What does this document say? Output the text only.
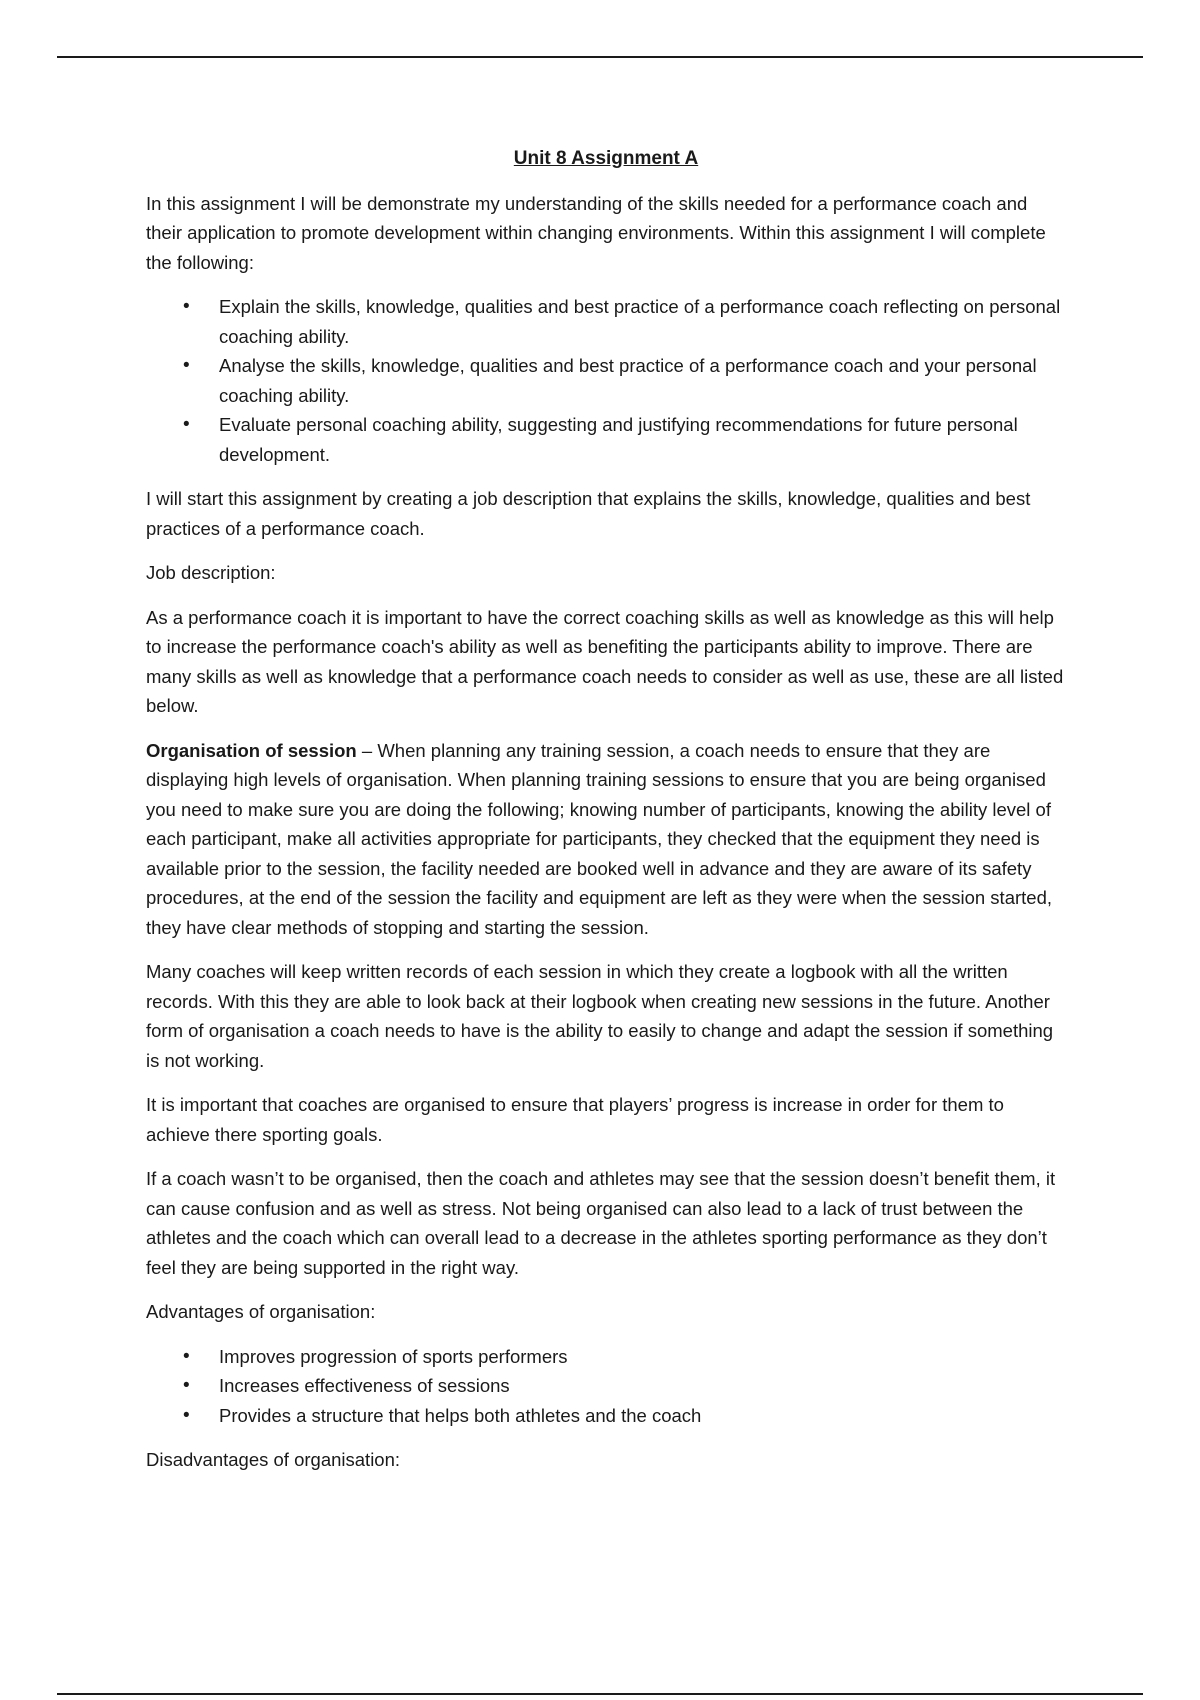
Unit 8 Assignment A

In this assignment I will be demonstrate my understanding of the skills needed for a performance coach and their application to promote development within changing environments. Within this assignment I will complete the following:

• Explain the skills, knowledge, qualities and best practice of a performance coach reflecting on personal coaching ability.
• Analyse the skills, knowledge, qualities and best practice of a performance coach and your personal coaching ability.
• Evaluate personal coaching ability, suggesting and justifying recommendations for future personal development.

I will start this assignment by creating a job description that explains the skills, knowledge, qualities and best practices of a performance coach.

Job description:

As a performance coach it is important to have the correct coaching skills as well as knowledge as this will help to increase the performance coach's ability as well as benefiting the participants ability to improve. There are many skills as well as knowledge that a performance coach needs to consider as well as use, these are all listed below.

Organisation of session – When planning any training session, a coach needs to ensure that they are displaying high levels of organisation. When planning training sessions to ensure that you are being organised you need to make sure you are doing the following; knowing number of participants, knowing the ability level of each participant, make all activities appropriate for participants, they checked that the equipment they need is available prior to the session, the facility needed are booked well in advance and they are aware of its safety procedures, at the end of the session the facility and equipment are left as they were when the session started, they have clear methods of stopping and starting the session.

Many coaches will keep written records of each session in which they create a logbook with all the written records. With this they are able to look back at their logbook when creating new sessions in the future. Another form of organisation a coach needs to have is the ability to easily to change and adapt the session if something is not working.

It is important that coaches are organised to ensure that players’ progress is increase in order for them to achieve there sporting goals.

If a coach wasn’t to be organised, then the coach and athletes may see that the session doesn’t benefit them, it can cause confusion and as well as stress. Not being organised can also lead to a lack of trust between the athletes and the coach which can overall lead to a decrease in the athletes sporting performance as they don’t feel they are being supported in the right way.

Advantages of organisation:

• Improves progression of sports performers
• Increases effectiveness of sessions
• Provides a structure that helps both athletes and the coach

Disadvantages of organisation:
